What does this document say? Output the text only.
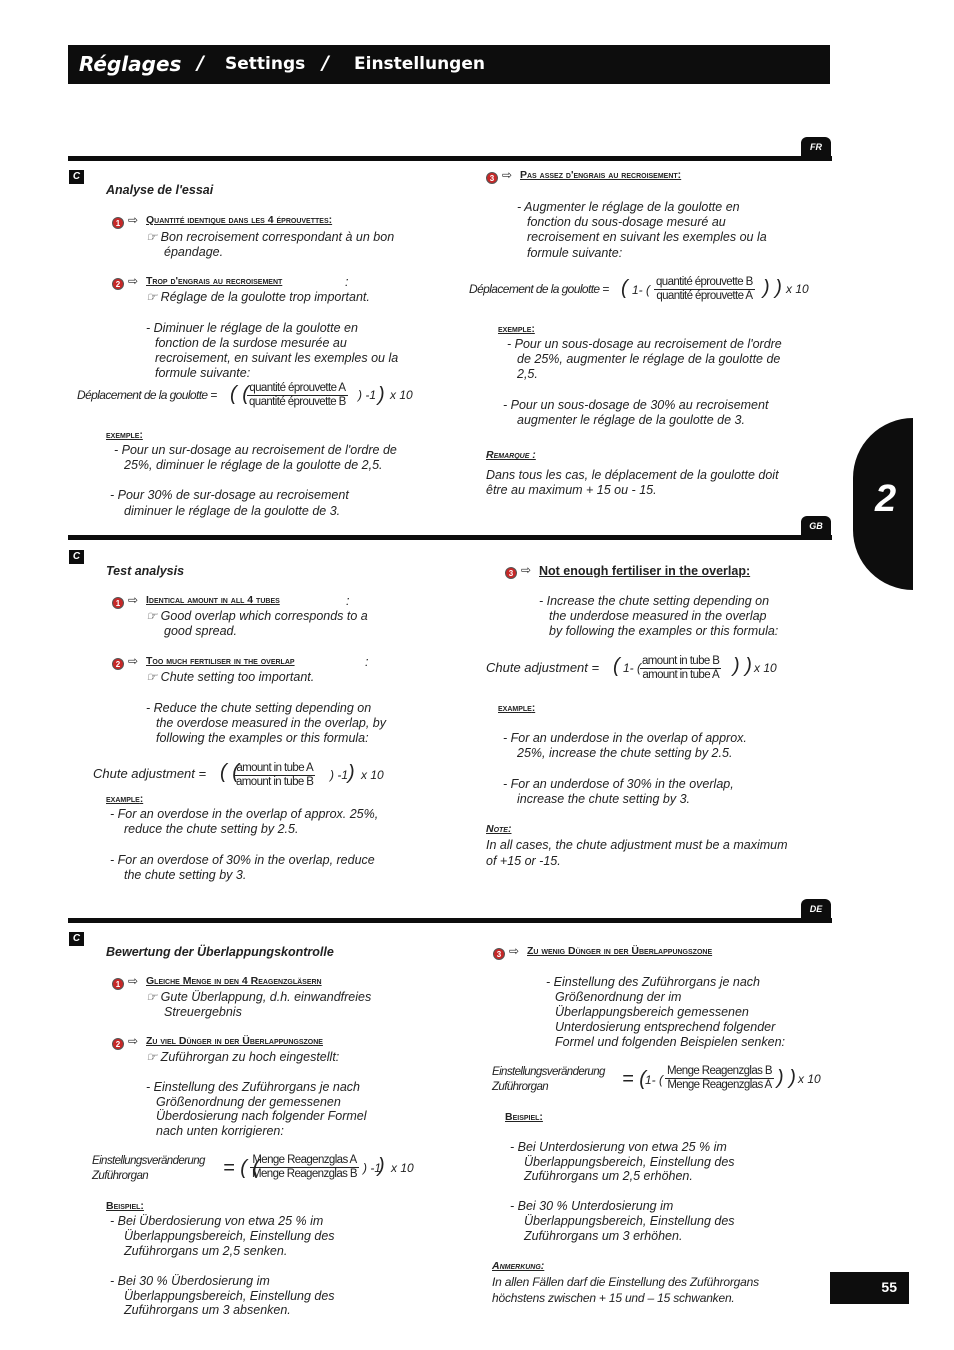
Réglages / Settings / Einstellungen
2
FR
C
Analyse de l'essai
1 ⇨ Quantité identique dans les 4 éprouvettes:
☞ Bon recroisement correspondant à un bon
épandage.
2 ⇨ Trop d'engrais au recroisement	:
☞ Réglage de la goulotte trop important.
- Diminuer le réglage de la goulotte en
fonction de la surdose mesurée au
recroisement, en suivant les exemples ou la
formule suivante:
Déplacement de la goulotte = ( ( quantité éprouvette A
quantité éprouvette B ) -1 ) x 10
exemple:
- Pour un sur-dosage au recroisement de l'ordre de
25%, diminuer le réglage de la goulotte de 2,5.
- Pour 30% de sur-dosage au recroisement
diminuer le réglage de la goulotte de 3.
3 ⇨ Pas assez d'engrais au recroisement:
- Augmenter le réglage de la goulotte en
fonction du sous-dosage mesuré au
recroisement en suivant les exemples ou la
formule suivante:
Déplacement de la goulotte = ( 1- (
quantité éprouvette B
quantité éprouvette A ) ) x 10
exemple:
- Pour un sous-dosage au recroisement de l'ordre
de 25%, augmenter le réglage de la goulotte de
2,5.
- Pour un sous-dosage de 30% au recroisement
augmenter le réglage de la goulotte de 3.
Remarque :
Dans tous les cas, le déplacement de la goulotte doit
être au maximum + 15 ou - 15.
GB
C
Test analysis
1 ⇨ Identical amount in all 4 tubes	:
☞ Good overlap which corresponds to a
good spread.
2 ⇨ Too much fertiliser in the overlap	:
☞ Chute setting too important.
- Reduce the chute setting depending on
the overdose measured in the overlap, by
following the examples or this formula:
Chute adjustment = ( (
amount in tube A
amount in tube B ) -1 ) x 10
example:
- For an overdose in the overlap of approx. 25%,
reduce the chute setting by 2.5.
- For an overdose of 30% in the overlap, reduce
the chute setting by 3.
3 ⇨ Not enough fertiliser in the overlap:
- Increase the chute setting depending on
the underdose measured in the overlap
by following the examples or this formula:
Chute adjustment = ( 1- ( amount in tube B
amount in tube A ) ) x 10
example:
- For an underdose in the overlap of approx.
25%, increase the chute setting by 2.5.
- For an underdose of 30% in the overlap,
increase the chute setting by 3.
Note:
In all cases, the chute adjustment must be a maximum
of +15 or -15.
DE
C
Bewertung der Überlappungskontrolle
1 ⇨ Gleiche Menge in den 4 Reagenzgläsern
☞ Gute Überlappung, d.h. einwandfreies
Streuergebnis
2 ⇨ Zu viel Dünger in der Überlappungszone
☞ Zuführorgan zu hoch eingestellt:
- Einstellung des Zuführorgans je nach
Größenordnung der gemessenen
Überdosierung nach folgender Formel
nach unten korrigieren:
Einstellungsveränderung
Zuführorgan	= ( (
Menge Reagenzglas A
Menge Reagenzglas B ) -1
) x 10
Beispiel:
- Bei Überdosierung von etwa 25 % im
Überlappungsbereich, Einstellung des
Zuführorgans um 2,5 senken.
- Bei 30 % Überdosierung im
Überlappungsbereich, Einstellung des
Zuführorgans um 3 absenken.
3 ⇨ Zu wenig Dünger in der Überlappungszone
- Einstellung des Zuführorgans je nach
Größenordnung der im
Überlappungsbereich gemessenen
Unterdosierung entsprechend folgender
Formel und folgenden Beispielen senken:
Einstellungsveränderung
Zuführorgan	= ( 1- (
Menge Reagenzglas B
Menge Reagenzglas A ) ) x 10
Beispiel:
- Bei Unterdosierung von etwa 25 % im
Überlappungsbereich, Einstellung des
Zuführorgans um 2,5 erhöhen.
- Bei 30 % Unterdosierung im
Überlappungsbereich, Einstellung des
Zuführorgans um 3 erhöhen.
Anmerkung:
In allen Fällen darf die Einstellung des Zuführorgans
höchstens zwischen + 15 und – 15 schwanken.
55
